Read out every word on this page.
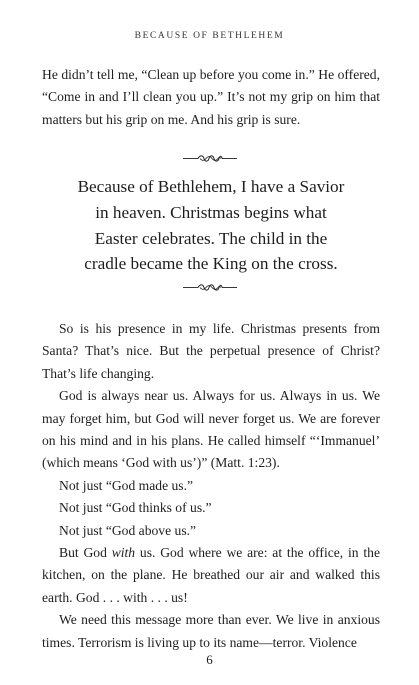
BECAUSE OF BETHLEHEM

He didn’t tell me, “Clean up before you come in.” He offered, “Come in and I’ll clean you up.” It’s not my grip on him that matters but his grip on me. And his grip is sure.

Because of Bethlehem, I have a Savior
in heaven. Christmas begins what
Easter celebrates. The child in the
cradle became the King on the cross.

So is his presence in my life. Christmas presents from Santa? That’s nice. But the perpetual presence of Christ? That’s life changing.

God is always near us. Always for us. Always in us. We may forget him, but God will never forget us. We are forever on his mind and in his plans. He called himself “‘Immanuel’ (which means ‘God with us’)” (Matt. 1:23).

Not just “God made us.”

Not just “God thinks of us.”

Not just “God above us.”

But God with us. God where we are: at the office, in the kitchen, on the plane. He breathed our air and walked this earth. God . . . with . . . us!

We need this message more than ever. We live in anxious times. Terrorism is living up to its name—terror. Violence

6
